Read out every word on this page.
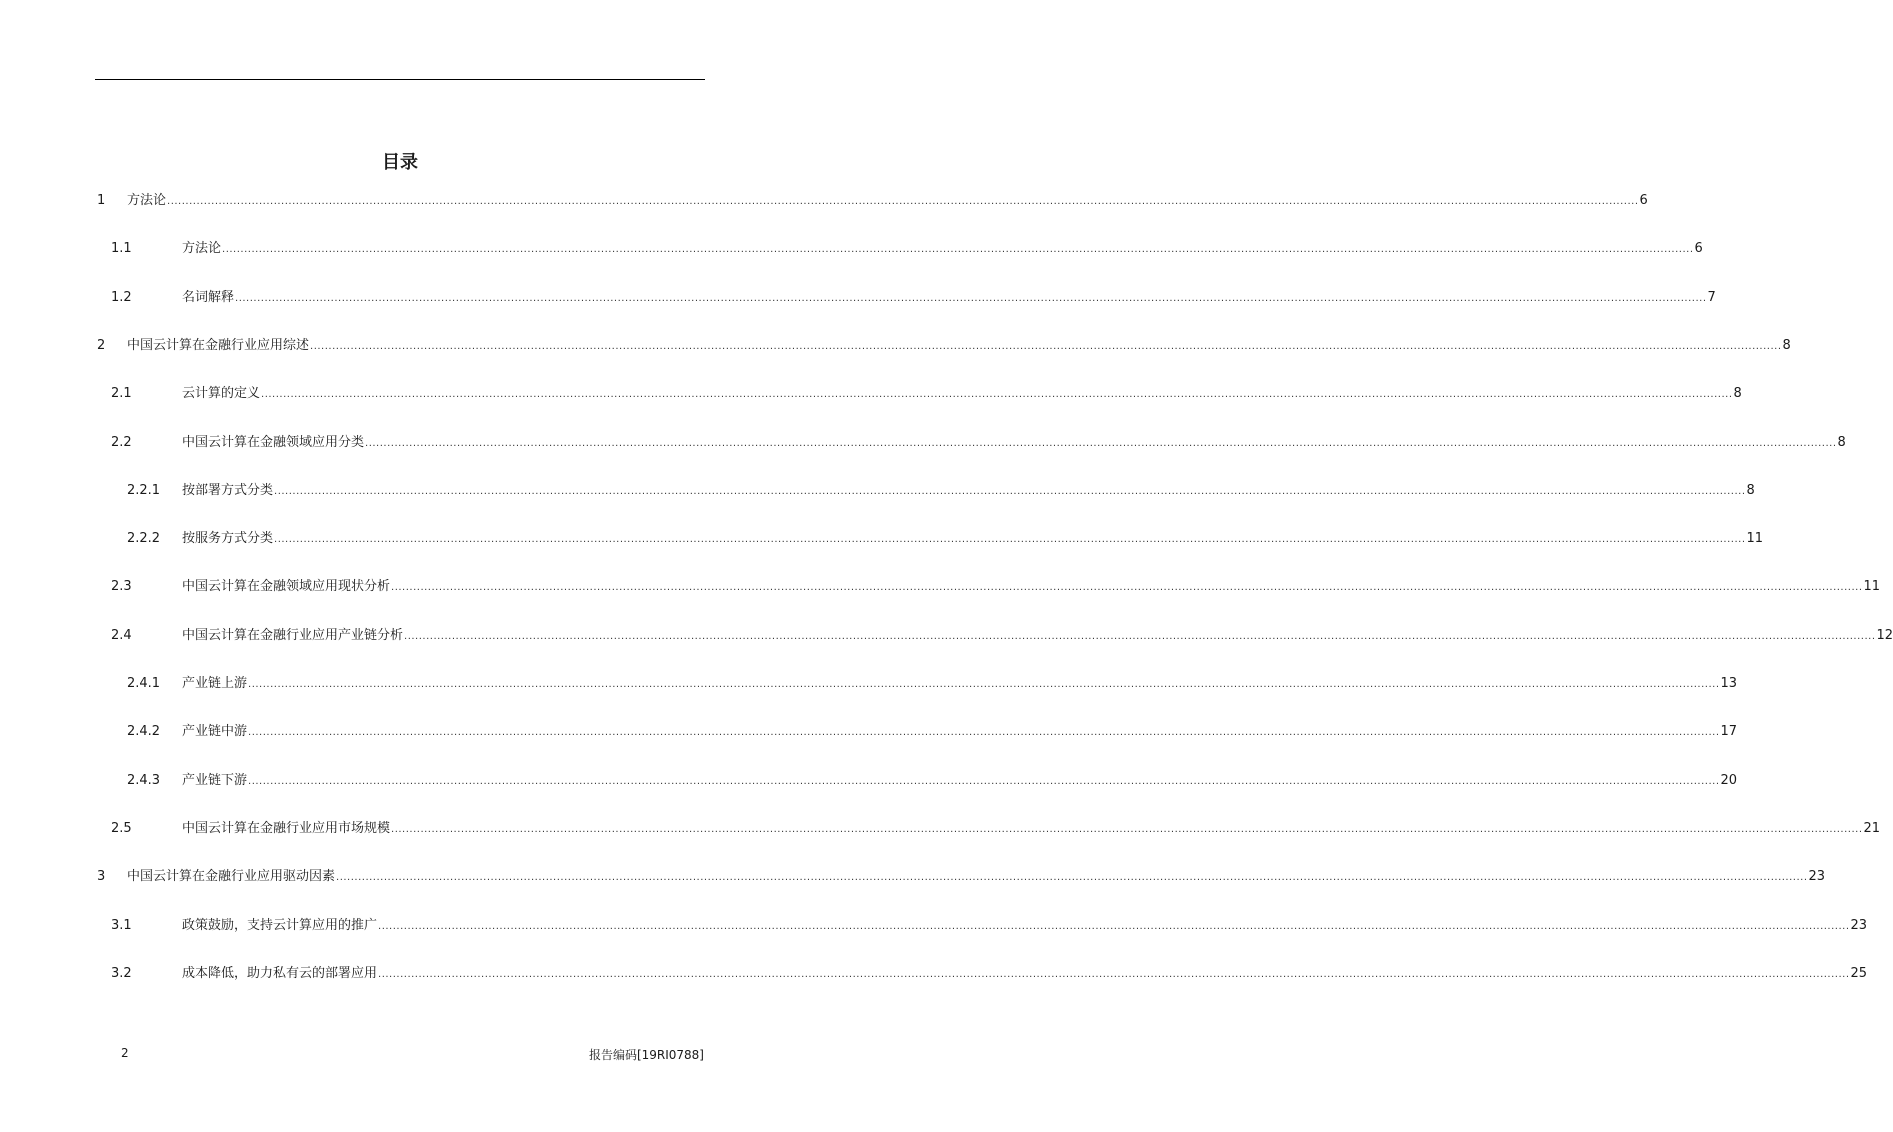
目录
1 方法论 ................................................................................................................................................................................................................................................................................................................................................................................................................ 6
1.1	方法论 ................................................................................................................................................................................................................................................................................................................................................................................................................ 6
1.2	名词解释 ................................................................................................................................................................................................................................................................................................................................................................................................................ 7
2 中国云计算在金融行业应用综述 ................................................................................................................................................................................................................................................................................................................................................................................................................ 8
2.1	云计算的定义 ................................................................................................................................................................................................................................................................................................................................................................................................................ 8
2.2	中国云计算在金融领域应用分类 ................................................................................................................................................................................................................................................................................................................................................................................................................ 8
2.2.1 按部署方式分类 ................................................................................................................................................................................................................................................................................................................................................................................................................ 8
2.2.2 按服务方式分类 ................................................................................................................................................................................................................................................................................................................................................................................................................ 11
2.3	中国云计算在金融领域应用现状分析 ................................................................................................................................................................................................................................................................................................................................................................................................................ 11
2.4	中国云计算在金融行业应用产业链分析 ................................................................................................................................................................................................................................................................................................................................................................................................................ 12
2.4.1 产业链上游 ................................................................................................................................................................................................................................................................................................................................................................................................................ 13
2.4.2 产业链中游 ................................................................................................................................................................................................................................................................................................................................................................................................................ 17
2.4.3 产业链下游 ................................................................................................................................................................................................................................................................................................................................................................................................................ 20
2.5	中国云计算在金融行业应用市场规模 ................................................................................................................................................................................................................................................................................................................................................................................................................ 21
3 中国云计算在金融行业应用驱动因素 ................................................................................................................................................................................................................................................................................................................................................................................................................ 23
3.1	政策鼓励，支持云计算应用的推广 ................................................................................................................................................................................................................................................................................................................................................................................................................ 23
3.2	成本降低，助力私有云的部署应用 ................................................................................................................................................................................................................................................................................................................................................................................................................ 25
2	报告编码[19RI0788]
